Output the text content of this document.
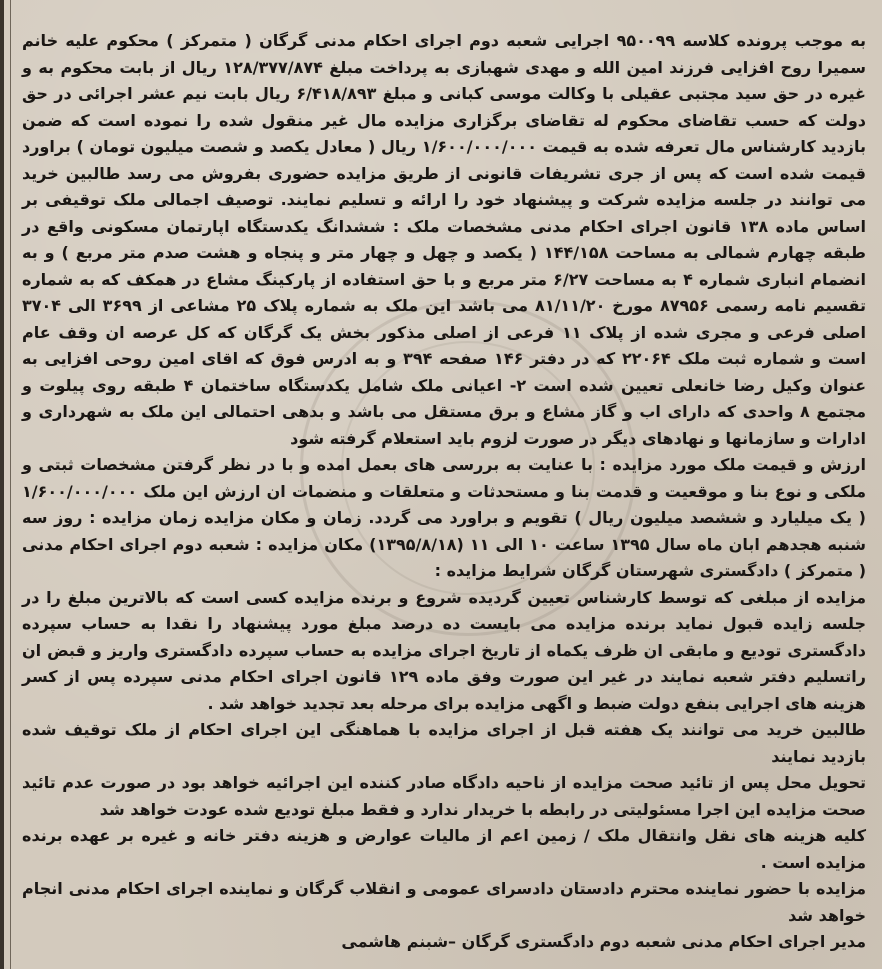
به موجب پرونده کلاسه ۹۵۰۰۹۹ اجرایی شعبه دوم اجرای احکام مدنی گرگان ( متمرکز ) محکوم علیه خانم سمیرا روح افزایی فرزند امین الله و مهدی شهبازی به پرداخت مبلغ ۱۲۸/۳۷۷/۸۷۴ ریال از بابت محکوم به و غیره در حق سید مجتبی عقیلی با وکالت موسی کبانی و مبلغ ۶/۴۱۸/۸۹۳ ریال بابت نیم عشر اجرائی در حق دولت که حسب تقاضای محکوم له تقاضای برگزاری مزایده مال غیر منقول شده را نموده است که ضمن بازدید کارشناس مال تعرفه شده به قیمت ۱/۶۰۰/۰۰۰/۰۰۰ ریال ( معادل یکصد و شصت میلیون تومان ) براورد قیمت شده است که پس از جری تشریفات قانونی از طریق مزایده حضوری بفروش می رسد طالبین خرید می توانند در جلسه مزایده شرکت و پیشنهاد خود را ارائه و تسلیم نمایند. توصیف اجمالی ملک توقیفی بر اساس ماده ۱۳۸ قانون اجرای احکام مدنی مشخصات ملک : ششدانگ یکدستگاه اپارتمان مسکونی واقع در طبقه چهارم شمالی به مساحت ۱۴۴/۱۵۸ ( یکصد و چهل و چهار متر و پنجاه و هشت صدم متر مربع ) و به انضمام انباری شماره ۴ به مساحت ۶/۲۷ متر مربع و با حق استفاده از پارکینگ مشاع در همکف که به شماره تقسیم نامه رسمی ۸۷۹۵۶ مورخ ۸۱/۱۱/۲۰ می باشد این ملک به شماره پلاک ۲۵ مشاعی از ۳۶۹۹ الی ۳۷۰۴ اصلی فرعی و مجری شده از پلاک ۱۱ فرعی از اصلی مذکور بخش یک گرگان که کل عرصه ان وقف عام است و شماره ثبت ملک ۲۲۰۶۴ که در دفتر ۱۴۶ صفحه ۳۹۴ و به ادرس فوق که اقای امین روحی افزایی به عنوان وکیل رضا خانعلی تعیین شده است ۲- اعیانی ملک شامل یکدستگاه ساختمان ۴ طبقه روی پیلوت و مجتمع ۸ واحدی که دارای اب و گاز مشاع و برق مستقل می باشد و بدهی احتمالی این ملک به شهرداری و ادارات و سازمانها و نهادهای دیگر در صورت لزوم باید استعلام گرفته شود

ارزش و قیمت ملک مورد مزایده : با عنایت به بررسی های بعمل امده و با در نظر گرفتن مشخصات ثبتی و ملکی و نوع بنا و موقعیت و قدمت بنا و مستحدثات و متعلقات و منضمات ان ارزش این ملک ۱/۶۰۰/۰۰۰/۰۰۰ ( یک میلیارد و ششصد میلیون ریال ) تقویم و براورد می گردد. زمان و مکان مزایده زمان مزایده : روز سه شنبه هجدهم ابان ماه سال ۱۳۹۵ ساعت ۱۰ الی ۱۱ (۱۳۹۵/۸/۱۸) مکان مزایده : شعبه دوم اجرای احکام مدنی ( متمرکز ) دادگستری شهرستان گرگان شرایط مزایده :

مزایده از مبلغی که توسط کارشناس تعیین گردیده شروع و برنده مزایده کسی است که بالاترین مبلغ را در جلسه زایده قبول نماید برنده مزایده می بایست ده درصد مبلغ مورد پیشنهاد را نقدا به حساب سپرده دادگستری تودیع و مابقی ان ظرف یکماه از تاریخ اجرای مزایده به حساب سپرده دادگستری واریز و قبض ان راتسلیم دفتر شعبه نمایند در غیر این صورت وفق ماده ۱۲۹ قانون اجرای احکام مدنی سپرده پس از کسر هزینه های اجرایی بنفع دولت ضبط و اگهی مزایده برای مرحله بعد تجدید خواهد شد .

طالبین خرید می توانند یک هفته قبل از اجرای مزایده با هماهنگی این اجرای احکام از ملک توقیف شده بازدید نمایند

تحویل محل پس از تائید صحت مزایده از ناحیه دادگاه صادر کننده این اجرائیه خواهد بود در صورت عدم تائید صحت مزایده این اجرا مسئولیتی در رابطه با خریدار ندارد و فقط مبلغ تودیع شده عودت خواهد شد

کلیه هزینه های نقل وانتقال ملک / زمین اعم از مالیات عوارض و هزینه دفتر خانه و غیره بر عهده برنده مزایده است .

مزایده با حضور نماینده محترم دادستان دادسرای عمومی و انقلاب گرگان و نماینده اجرای احکام مدنی انجام خواهد شد

مدیر اجرای احکام مدنی شعبه دوم دادگستری گرگان –شبنم هاشمی
